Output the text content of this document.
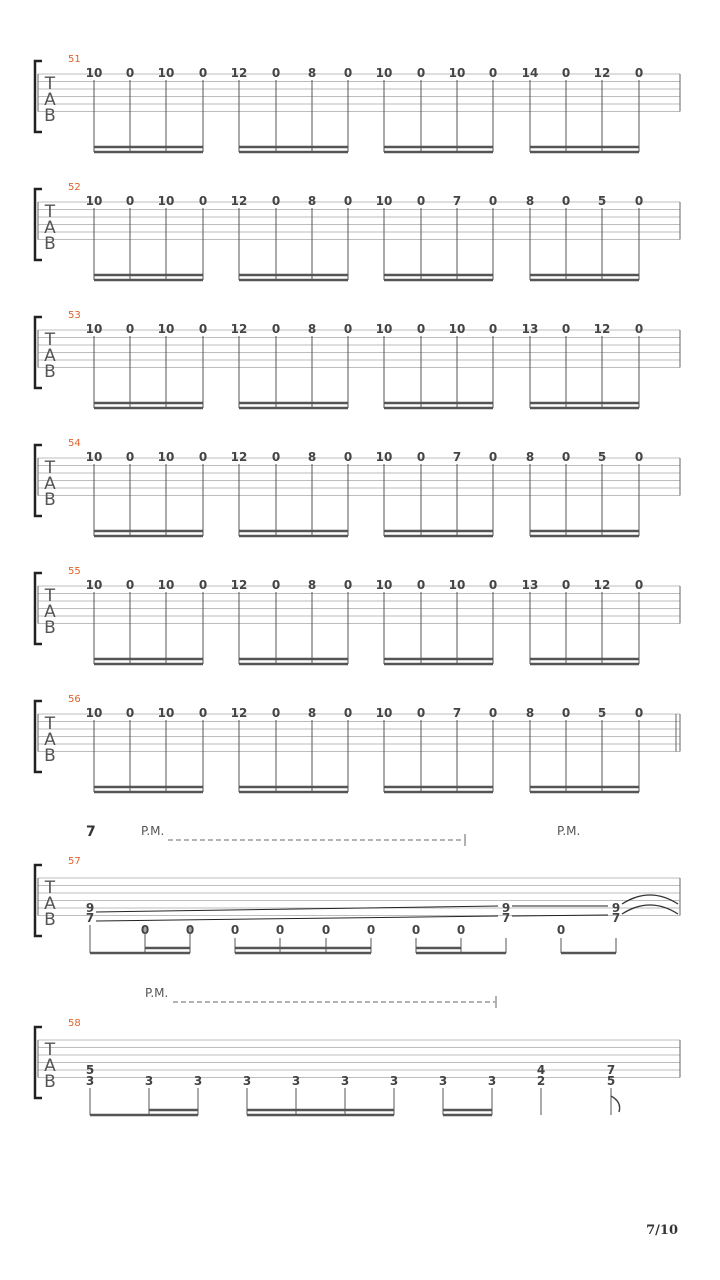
T
A
B
51
10 0 10 0 12 0 8 0 10 0 10 0 14 0 12 0
T
A
B
52
10 0 10 0 12 0 8 0 10 0 7 0 8 0 5 0
T
A
B
53
10 0 10 0 12 0 8 0 10 0 10 0 13 0 12 0
T
A
B
54
10 0 10 0 12 0 8 0 10 0 7 0 8 0 5 0
T
A
B
55
10 0 10 0 12 0 8 0 10 0 10 0 13 0 12 0
T
A
B
56
10 0 10 0 12 0 8 0 10 0 7 0 8 0 5 0
7	P.M.	P.M.
T
A
B
57
9
7
9
7
9
7
0	0	0	0	0	0	0	0	0
P.M.
T
A
B
58
5
3	3	3	3	3	3	3	3	3
4
2
7
5
7/10
